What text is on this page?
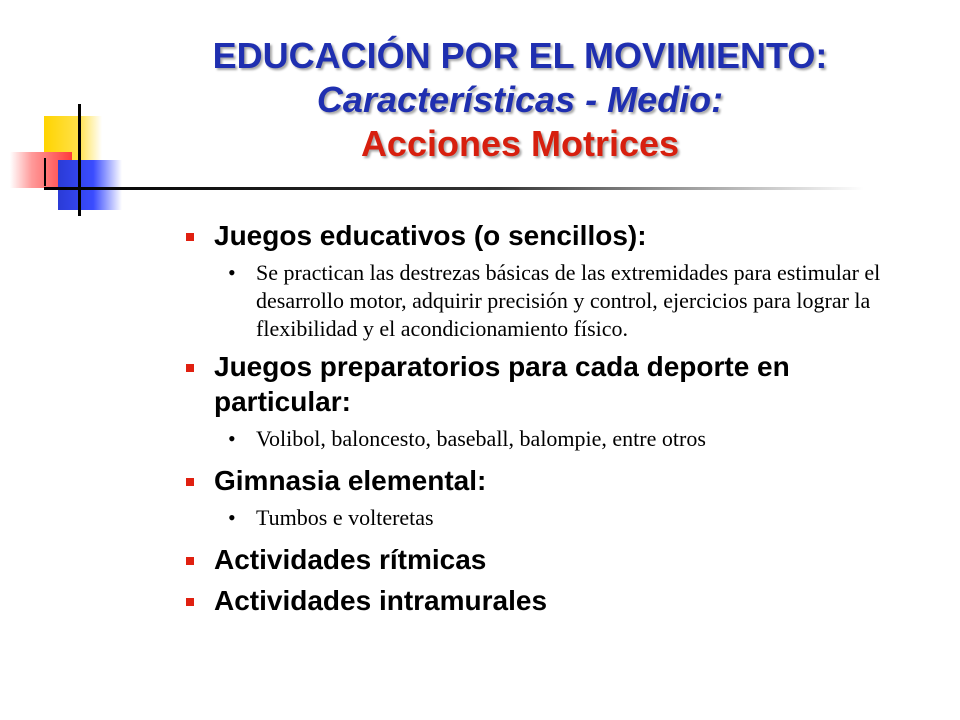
EDUCACIÓN POR EL MOVIMIENTO:
Características - Medio:
Acciones Motrices
Juegos educativos (o sencillos):
• Se practican las destrezas básicas de las extremidades para estimular el desarrollo motor, adquirir precisión y control, ejercicios para lograr la flexibilidad y el acondicionamiento físico.
Juegos preparatorios para cada deporte en particular:
• Volibol, baloncesto, baseball, balompie, entre otros
Gimnasia elemental:
• Tumbos e volteretas
Actividades rítmicas
Actividades intramurales
